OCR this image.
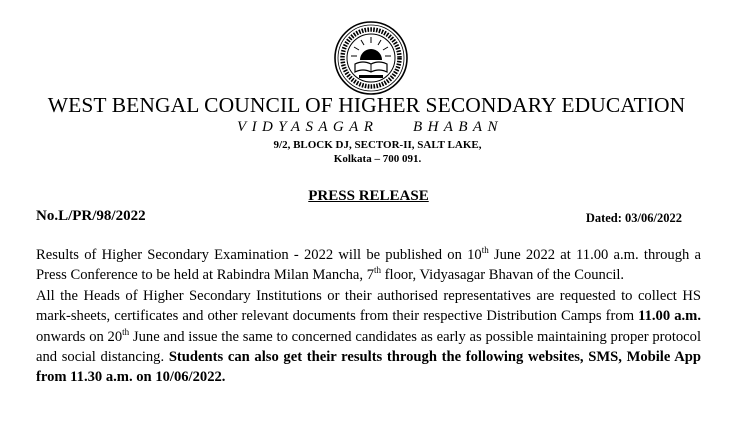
WEST BENGAL COUNCIL OF HIGHER SECONDARY EDUCATION
VIDYASAGAR BHABAN
9/2, BLOCK DJ, SECTOR-II, SALT LAKE,
Kolkata – 700 091.
PRESS RELEASE
No.L/PR/98/2022	Dated: 03/06/2022

Results of Higher Secondary Examination - 2022 will be published on 10th June 2022 at 11.00 a.m. through a Press Conference to be held at Rabindra Milan Mancha, 7th floor, Vidyasagar Bhavan of the Council.

All the Heads of Higher Secondary Institutions or their authorised representatives are requested to collect HS mark-sheets, certificates and other relevant documents from their respective Distribution Camps from 11.00 a.m. onwards on 20th June and issue the same to concerned candidates as early as possible maintaining proper protocol and social distancing. Students can also get their results through the following websites, SMS, Mobile App from 11.30 a.m. on 10/06/2022.
